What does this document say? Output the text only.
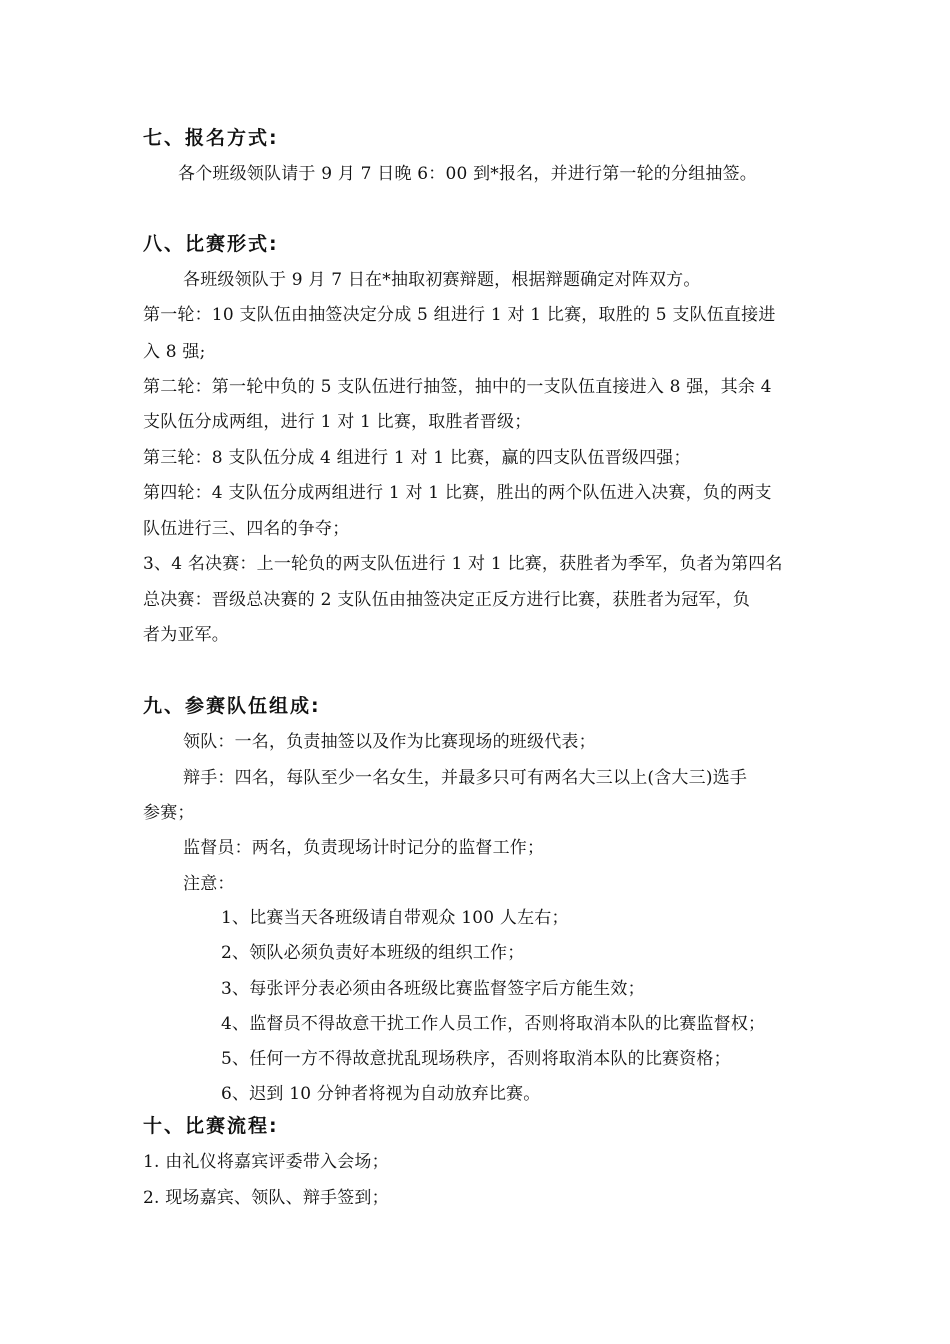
七、报名方式:
各个班级领队请于 9 月 7 日晚 6：00 到*报名，并进行第一轮的分组抽签。
八、比赛形式:
各班级领队于 9 月 7 日在*抽取初赛辩题，根据辩题确定对阵双方。
第一轮：10 支队伍由抽签决定分成 5 组进行 1 对 1 比赛，取胜的 5 支队伍直接进
入 8 强;
第二轮：第一轮中负的 5 支队伍进行抽签，抽中的一支队伍直接进入 8 强，其余 4
支队伍分成两组，进行 1 对 1 比赛，取胜者晋级；
第三轮：8 支队伍分成 4 组进行 1 对 1 比赛，赢的四支队伍晋级四强；
第四轮：4 支队伍分成两组进行 1 对 1 比赛，胜出的两个队伍进入决赛，负的两支
队伍进行三、四名的争夺；
3、4 名决赛：上一轮负的两支队伍进行 1 对 1 比赛，获胜者为季军，负者为第四名
总决赛：晋级总决赛的 2 支队伍由抽签决定正反方进行比赛，获胜者为冠军，负
者为亚军。
九、参赛队伍组成:
领队：一名，负责抽签以及作为比赛现场的班级代表；
辩手：四名，每队至少一名女生，并最多只可有两名大三以上(含大三)选手
参赛；
监督员：两名，负责现场计时记分的监督工作；
注意：
1、比赛当天各班级请自带观众 100 人左右；
2、领队必须负责好本班级的组织工作；
3、每张评分表必须由各班级比赛监督签字后方能生效；
4、监督员不得故意干扰工作人员工作，否则将取消本队的比赛监督权；
5、任何一方不得故意扰乱现场秩序，否则将取消本队的比赛资格；
6、迟到 10 分钟者将视为自动放弃比赛。
十、比赛流程:
1. 由礼仪将嘉宾评委带入会场；
2. 现场嘉宾、领队、辩手签到；
